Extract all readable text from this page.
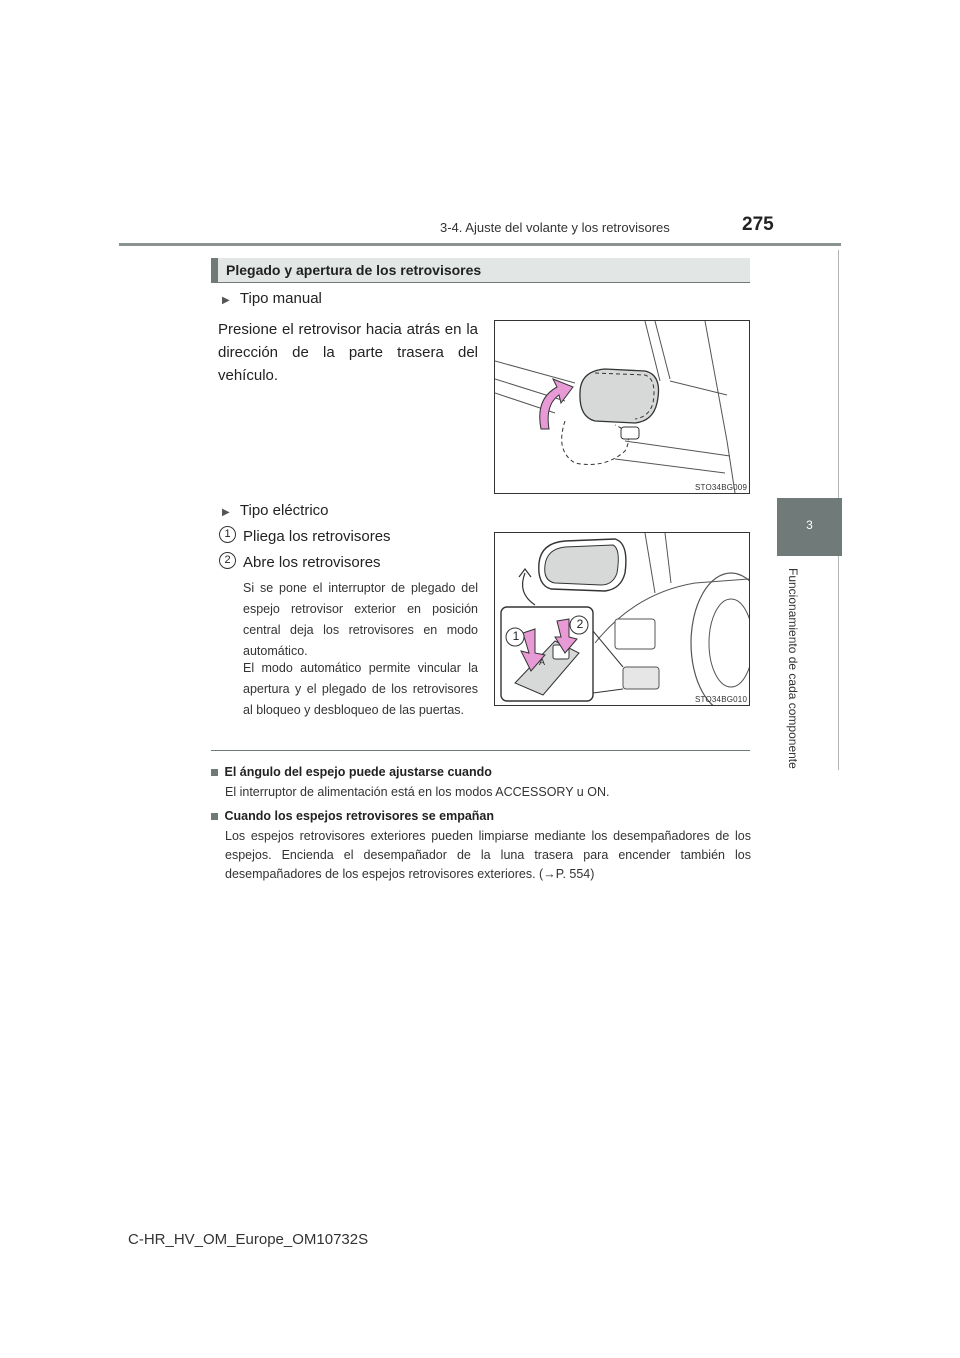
3-4. Ajuste del volante y los retrovisores	275
3
Funcionamiento de cada componente
Plegado y apertura de los retrovisores
▶ Tipo manual
Presione el retrovisor hacia atrás en la dirección de la parte trasera del vehículo.
STO34BG009
▶ Tipo eléctrico
1 Pliega los retrovisores
2 Abre los retrovisores
Si se pone el interruptor de plegado del espejo retrovisor exterior en posición central deja los retrovisores en modo automático.
El modo automático permite vincular la apertura y el plegado de los retrovisores al bloqueo y desbloqueo de las puertas.
1
2
A
STO34BG010
El ángulo del espejo puede ajustarse cuando
El interruptor de alimentación está en los modos ACCESSORY u ON.
Cuando los espejos retrovisores se empañan
Los espejos retrovisores exteriores pueden limpiarse mediante los desempañadores de los espejos. Encienda el desempañador de la luna trasera para encender también los desempañadores de los espejos retrovisores exteriores. (→P. 554)
C-HR_HV_OM_Europe_OM10732S
